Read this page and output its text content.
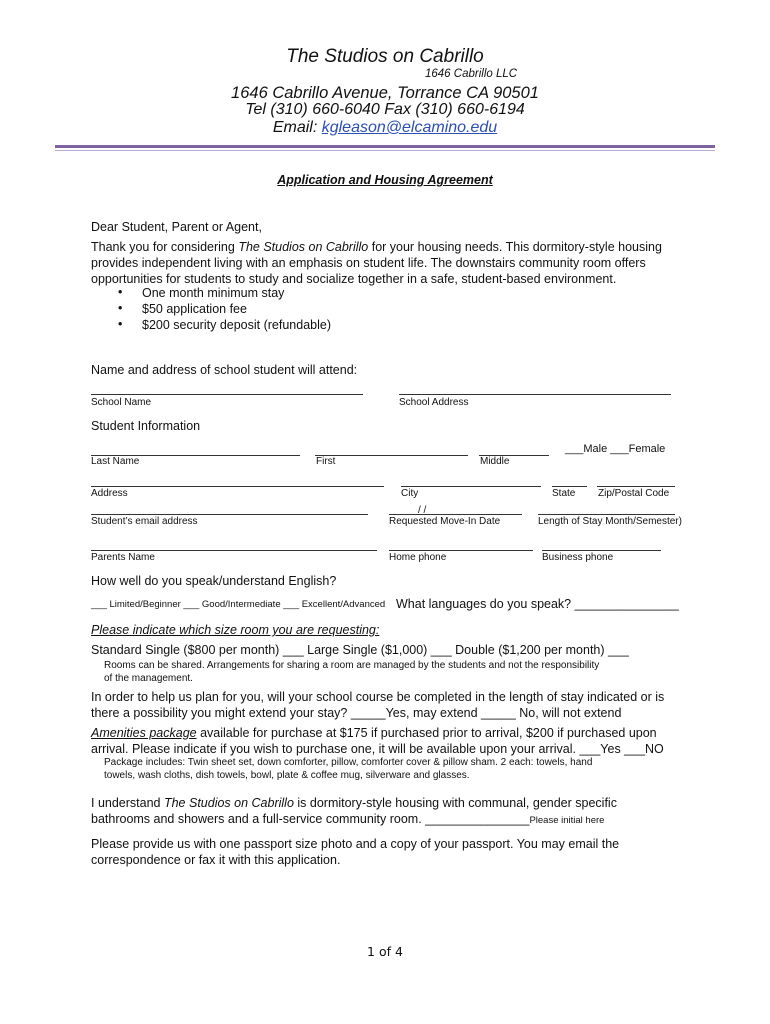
The Studios on Cabrillo
1646 Cabrillo LLC
1646 Cabrillo Avenue, Torrance CA 90501
Tel (310) 660-6040 Fax (310) 660-6194
Email: kgleason@elcamino.edu
Application and Housing Agreement
Dear Student, Parent or Agent,
Thank you for considering The Studios on Cabrillo for your housing needs. This dormitory-style housing
provides independent living with an emphasis on student life. The downstairs community room offers
opportunities for students to study and socialize together in a safe, student-based environment.
• One month minimum stay
• $50 application fee
• $200 security deposit (refundable)
Name and address of school student will attend:
School Name	School Address
Student Information
___Male ___Female
Last Name	First	Middle
Address	City	State Zip/Postal Code
/ /
Student’s email address	Requested Move-In Date	Length of Stay Month/Semester)
Parents Name	Home phone	Business phone
How well do you speak/understand English?
___ Limited/Beginner ___ Good/Intermediate ___ Excellent/Advanced What languages do you speak? _______________
Please indicate which size room you are requesting:
Standard Single ($800 per month) ___ Large Single ($1,000) ___ Double ($1,200 per month) ___
Rooms can be shared. Arrangements for sharing a room are managed by the students and not the responsibility
of the management.
In order to help us plan for you, will your school course be completed in the length of stay indicated or is
there a possibility you might extend your stay? _____Yes, may extend _____ No, will not extend
Amenities package available for purchase at $175 if purchased prior to arrival, $200 if purchased upon
arrival. Please indicate if you wish to purchase one, it will be available upon your arrival. ___Yes ___NO
Package includes: Twin sheet set, down comforter, pillow, comforter cover & pillow sham. 2 each: towels, hand
towels, wash cloths, dish towels, bowl, plate & coffee mug, silverware and glasses.
I understand The Studios on Cabrillo is dormitory-style housing with communal, gender specific
bathrooms and showers and a full-service community room. _______________Please initial here
Please provide us with one passport size photo and a copy of your passport. You may email the
correspondence or fax it with this application.
1 of 4
